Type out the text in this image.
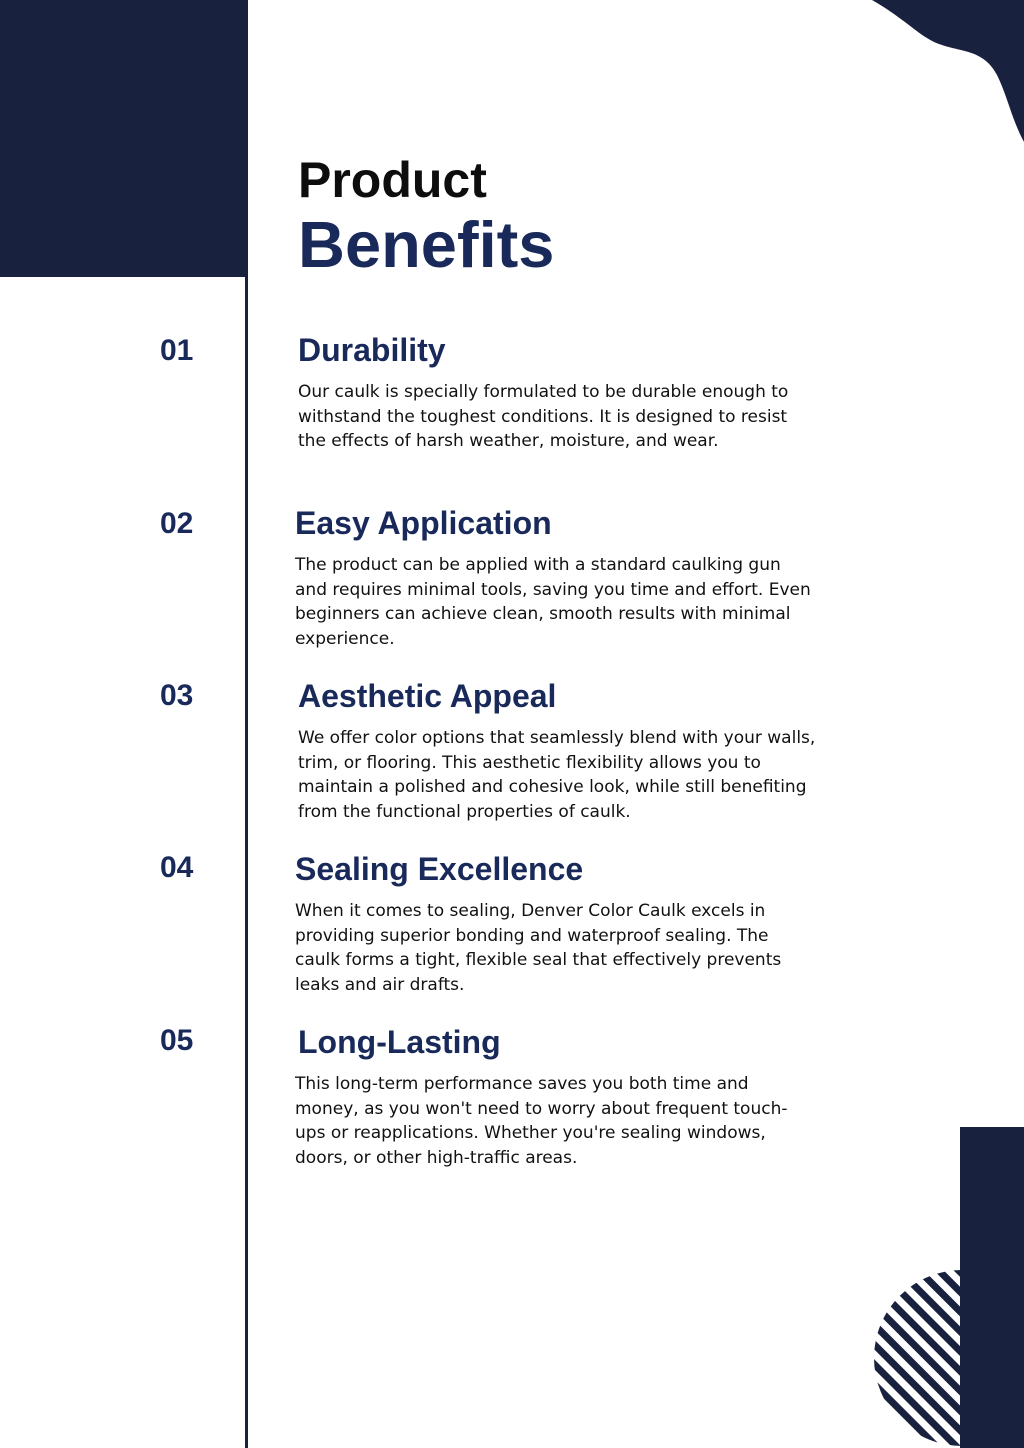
Product
Benefits
01	Durability

Our caulk is specially formulated to be durable enough to withstand the toughest conditions. It is designed to resist the effects of harsh weather, moisture, and wear.

02	Easy Application

The product can be applied with a standard caulking gun and requires minimal tools, saving you time and effort. Even beginners can achieve clean, smooth results with minimal experience.

03	Aesthetic Appeal

We offer color options that seamlessly blend with your walls, trim, or flooring. This aesthetic flexibility allows you to maintain a polished and cohesive look, while still benefiting from the functional properties of caulk.

04	Sealing Excellence

When it comes to sealing, Denver Color Caulk excels in providing superior bonding and waterproof sealing. The caulk forms a tight, flexible seal that effectively prevents leaks and air drafts.

05	Long-Lasting

This long-term performance saves you both time and money, as you won't need to worry about frequent touch-ups or reapplications. Whether you're sealing windows, doors, or other high-traffic areas.
